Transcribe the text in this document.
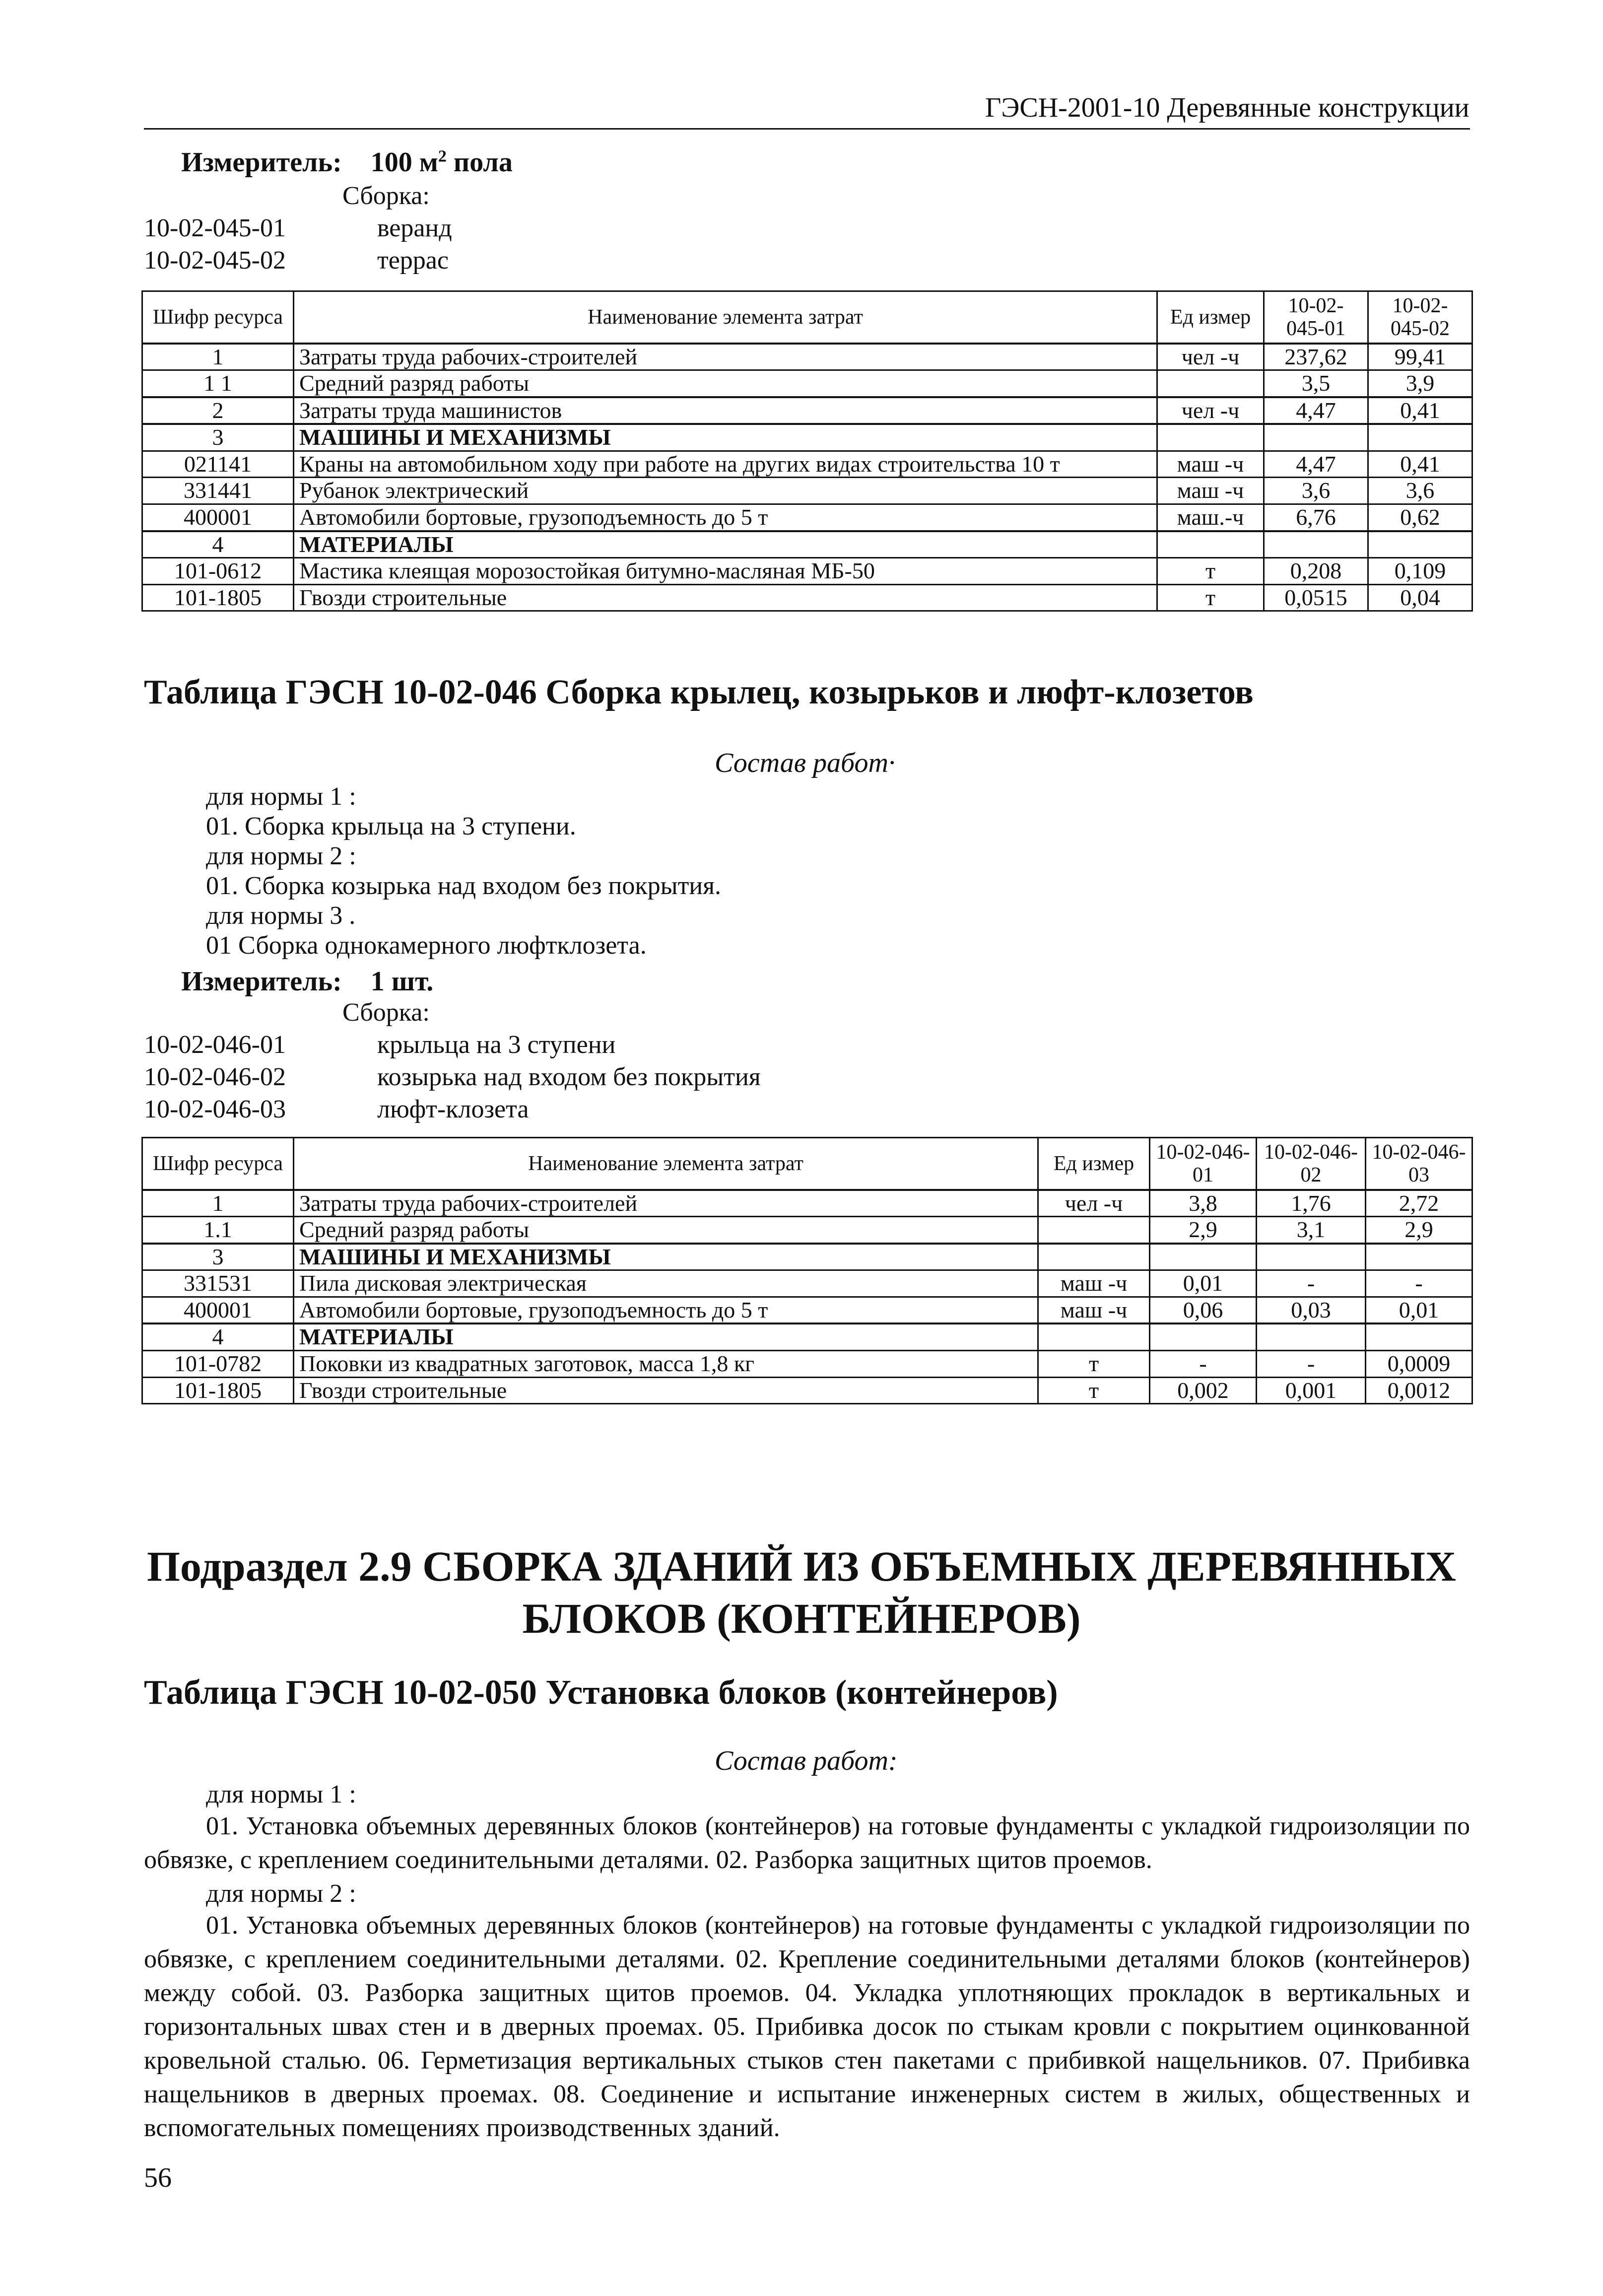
ГЭСН-2001-10 Деревянные конструкции
Измеритель: 100 $м^2$ пола
Сборка:
10-02-045-01	веранд
10-02-045-02	террас
Шифр ресурса	Наименование элемента затрат	Ед измер	10-02-045-01	10-02-045-02
1	Затраты труда рабочих-строителей	чел -ч	237,62	99,41
1 1	Средний разряд работы		3,5	3,9
2	Затраты труда машинистов	чел -ч	4,47	0,41
3	МАШИНЫ И МЕХАНИЗМЫ			
021141	Краны на автомобильном ходу при работе на других видах строительства 10 т	маш -ч	4,47	0,41
331441	Рубанок электрический	маш -ч	3,6	3,6
400001	Автомобили бортовые, грузоподъемность до 5 т	маш.-ч	6,76	0,62
4	МАТЕРИАЛЫ			
101-0612	Мастика клеящая морозостойкая битумно-масляная МБ-50	т	0,208	0,109
101-1805	Гвозди строительные	т	0,0515	0,04
Таблица ГЭСН 10-02-046 Сборка крылец, козырьков и люфт-клозетов
Состав работ·
для нормы 1 :
01. Сборка крыльца на 3 ступени.
для нормы 2 :
01. Сборка козырька над входом без покрытия.
для нормы 3 .
01 Сборка однокамерного люфтклозета.
Измеритель: 1 шт.
Сборка:
10-02-046-01	крыльца на 3 ступени
10-02-046-02	козырька над входом без покрытия
10-02-046-03	люфт-клозета
Шифр ресурса	Наименование элемента затрат	Ед измер	10-02-046-01	10-02-046-02	10-02-046-03
1	Затраты труда рабочих-строителей	чел -ч	3,8	1,76	2,72
1.1	Средний разряд работы		2,9	3,1	2,9
3	МАШИНЫ И МЕХАНИЗМЫ				
331531	Пила дисковая электрическая	маш -ч	0,01	-	-
400001	Автомобили бортовые, грузоподъемность до 5 т	маш -ч	0,06	0,03	0,01
4	МАТЕРИАЛЫ				
101-0782	Поковки из квадратных заготовок, масса 1,8 кг	т	-	-	0,0009
101-1805	Гвозди строительные	т	0,002	0,001	0,0012
Подраздел 2.9 СБОРКА ЗДАНИЙ ИЗ ОБЪЕМНЫХ ДЕРЕВЯННЫХ
БЛОКОВ (КОНТЕЙНЕРОВ)
Таблица ГЭСН 10-02-050 Установка блоков (контейнеров)
Состав работ:
для нормы 1 :
01. Установка объемных деревянных блоков (контейнеров) на готовые фундаменты с укладкой гидроизоляции по обвязке, с креплением соединительными деталями. 02. Разборка защитных щитов проемов.
для нормы 2 :
01. Установка объемных деревянных блоков (контейнеров) на готовые фундаменты с укладкой гидроизоляции по обвязке, с креплением соединительными деталями. 02. Крепление соединительными деталями блоков (контейнеров) между собой. 03. Разборка защитных щитов проемов. 04. Укладка уплотняющих прокладок в вертикальных и горизонтальных швах стен и в дверных проемах. 05. Прибивка досок по стыкам кровли с покрытием оцинкованной кровельной сталью. 06. Герметизация вертикальных стыков стен пакетами с прибивкой нащельников. 07. Прибивка нащельников в дверных проемах. 08. Соединение и испытание инженерных систем в жилых, общественных и вспомогательных помещениях производственных зданий.
56
